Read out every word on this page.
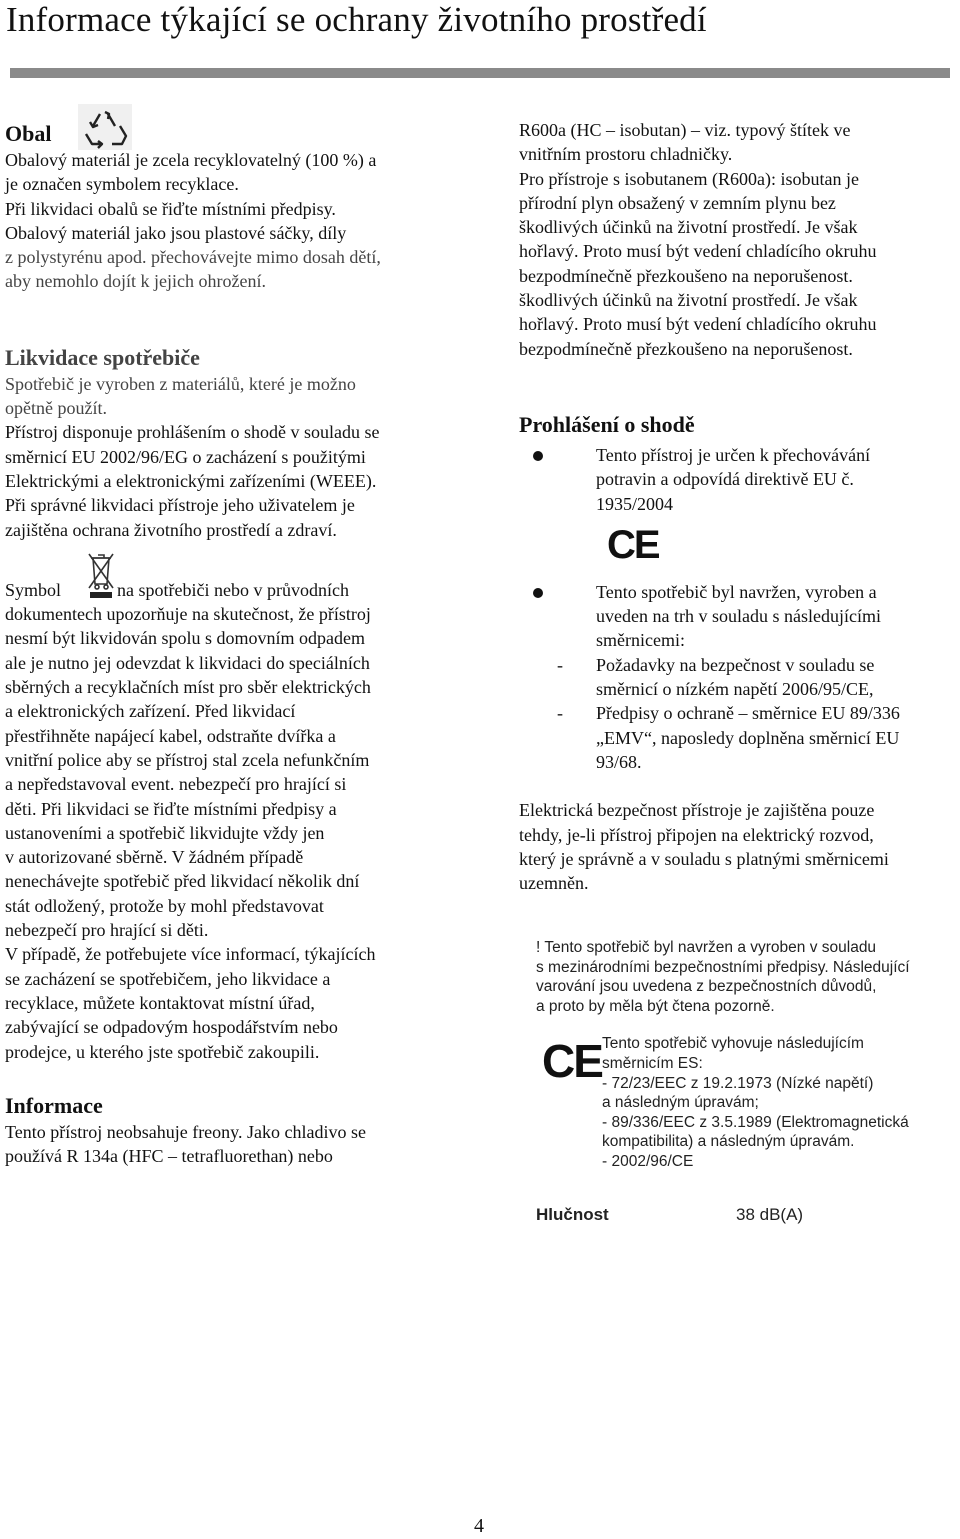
Informace týkající se ochrany životního prostředí
Obal
Obalový materiál je zcela recyklovatelný (100 %) a
je označen symbolem recyklace.
Při likvidaci obalů se řiďte místními předpisy.
Obalový materiál jako jsou plastové sáčky, díly
z polystyrénu apod. přechovávejte mimo dosah dětí,
aby nemohlo dojít k jejich ohrožení.
Likvidace spotřebiče
Spotřebič je vyroben z materiálů, které je možno
opětně použít.
Přístroj disponuje prohlášením o shodě v souladu se
směrnicí EU 2002/96/EG o zacházení s použitými
Elektrickými a elektronickými zařízeními (WEEE).
Při správné likvidaci přístroje jeho uživatelem je
zajištěna ochrana životního prostředí a zdraví.
Symbol	na spotřebiči nebo v průvodních
dokumentech upozorňuje na skutečnost, že přístroj
nesmí být likvidován spolu s domovním odpadem
ale je nutno jej odevzdat k likvidaci do speciálních
sběrných a recyklačních míst pro sběr elektrických
a elektronických zařízení. Před likvidací
přestřihněte napájecí kabel, odstraňte dvířka a
vnitřní police aby se přístroj stal zcela nefunkčním
a nepředstavoval event. nebezpečí pro hrající si
děti. Při likvidaci se řiďte místními předpisy a
ustanoveními a spotřebič likvidujte vždy jen
v autorizované sběrně. V žádném případě
nenechávejte spotřebič před likvidací několik dní
stát odložený, protože by mohl představovat
nebezpečí pro hrající si děti.
V případě, že potřebujete více informací, týkajících
se zacházení se spotřebičem, jeho likvidace a
recyklace, můžete kontaktovat místní úřad,
zabývající se odpadovým hospodářstvím nebo
prodejce, u kterého jste spotřebič zakoupili.
Informace
Tento přístroj neobsahuje freony. Jako chladivo se
používá R 134a (HFC – tetrafluorethan) nebo
R600a (HC – isobutan) – viz. typový štítek ve
vnitřním prostoru chladničky.
Pro přístroje s isobutanem (R600a): isobutan je
přírodní plyn obsažený v zemním plynu bez
škodlivých účinků na životní prostředí. Je však
hořlavý. Proto musí být vedení chladícího okruhu
bezpodmínečně přezkoušeno na neporušenost.
škodlivých účinků na životní prostředí. Je však
hořlavý. Proto musí být vedení chladícího okruhu
bezpodmínečně přezkoušeno na neporušenost.
Prohlášení o shodě
Tento přístroj je určen k přechovávání
potravin a odpovídá direktivě EU č.
1935/2004
CE
Tento spotřebič byl navržen, vyroben a
uveden na trh v souladu s následujícími
směrnicemi:
- Požadavky na bezpečnost v souladu se
směrnicí o nízkém napětí 2006/95/CE,
- Předpisy o ochraně – směrnice EU 89/336
„EMV“, naposledy doplněna směrnicí EU
93/68.
Elektrická bezpečnost přístroje je zajištěna pouze
tehdy, je-li přístroj připojen na elektrický rozvod,
který je správně a v souladu s platnými směrnicemi
uzemněn.
! Tento spotřebič byl navržen a vyroben v souladu
s mezinárodními bezpečnostními předpisy. Následující
varování jsou uvedena z bezpečnostních důvodů,
a proto by měla být čtena pozorně.
CE Tento spotřebič vyhovuje následujícím
směrnicím ES:
- 72/23/EEC z 19.2.1973 (Nízké napětí)
a následným úpravám;
- 89/336/EEC z 3.5.1989 (Elektromagnetická
kompatibilita) a následným úpravám.
- 2002/96/CE
Hlučnost	38 dB(A)
4
